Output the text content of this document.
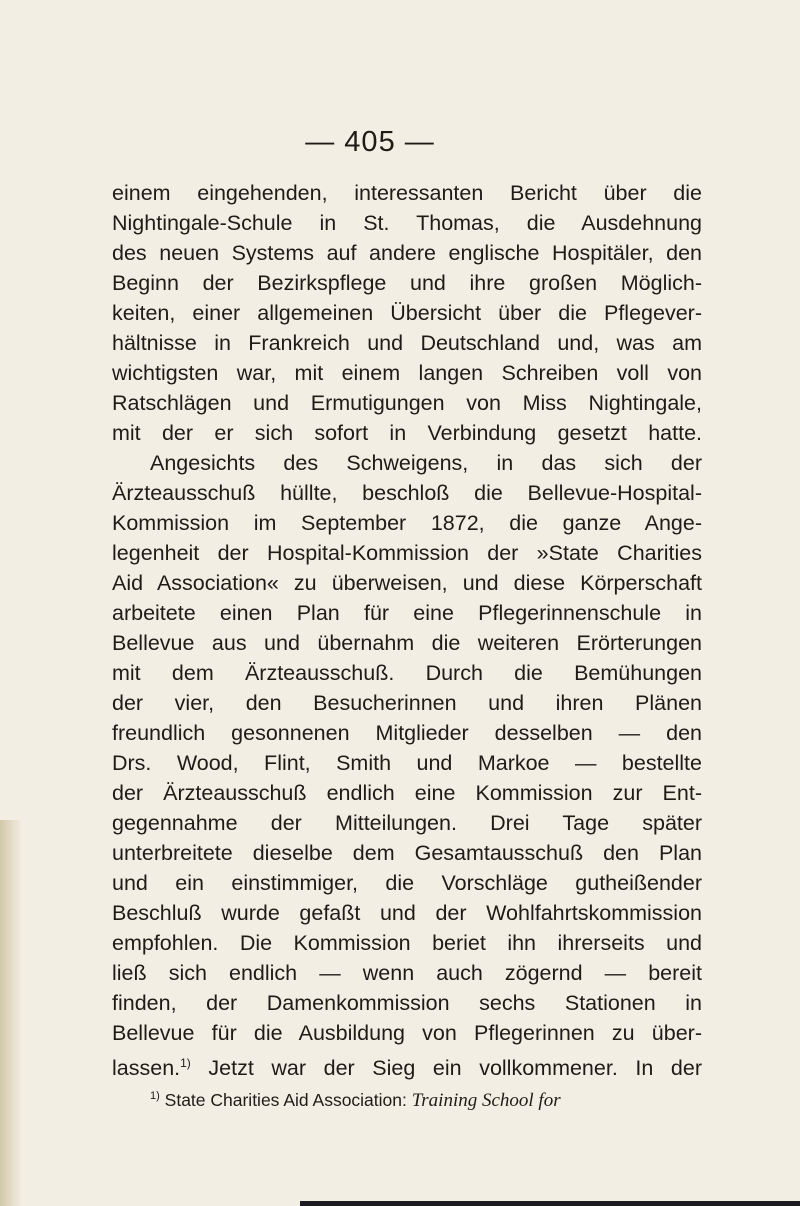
— 405 —
einem eingehenden, interessanten Bericht über die
Nightingale-Schule in St. Thomas, die Ausdehnung
des neuen Systems auf andere englische Hospitäler, den
Beginn der Bezirkspflege und ihre großen Möglich-
keiten, einer allgemeinen Übersicht über die Pflegever-
hältnisse in Frankreich und Deutschland und, was am
wichtigsten war, mit einem langen Schreiben voll von
Ratschlägen und Ermutigungen von Miss Nightingale,
mit der er sich sofort in Verbindung gesetzt hatte.
Angesichts des Schweigens, in das sich der
Ärzteausschuß hüllte, beschloß die Bellevue-Hospital-
Kommission im September 1872, die ganze Ange-
legenheit der Hospital-Kommission der »State Charities
Aid Association« zu überweisen, und diese Körperschaft
arbeitete einen Plan für eine Pflegerinnenschule in
Bellevue aus und übernahm die weiteren Erörterungen
mit dem Ärzteausschuß. Durch die Bemühungen
der vier, den Besucherinnen und ihren Plänen
freundlich gesonnenen Mitglieder desselben — den
Drs. Wood, Flint, Smith und Markoe — bestellte
der Ärzteausschuß endlich eine Kommission zur Ent-
gegennahme der Mitteilungen. Drei Tage später
unterbreitete dieselbe dem Gesamtausschuß den Plan
und ein einstimmiger, die Vorschläge gutheißender
Beschluß wurde gefaßt und der Wohlfahrtskommission
empfohlen. Die Kommission beriet ihn ihrerseits und
ließ sich endlich — wenn auch zögernd — bereit
finden, der Damenkommission sechs Stationen in
Bellevue für die Ausbildung von Pflegerinnen zu über-
lassen.$^{1)}$ Jetzt war der Sieg ein vollkommener. In der
$^{1)}$ State Charities Aid Association: Training School for
